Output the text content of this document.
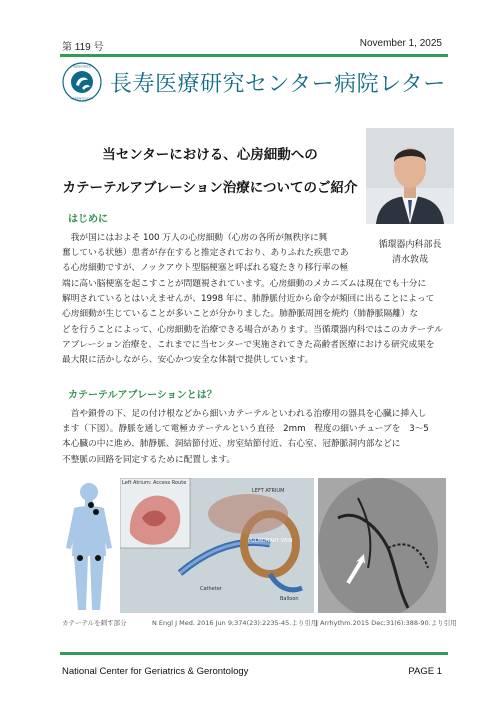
第 119 号	November 1, 2025
GERIATRICS
GERONTOLOGY
長寿医療研究センター病院レター
当センターにおける、心房細動への
カテーテルアブレーション治療についてのご紹介
循環器内科部長
清水敦哉
はじめに
我が国にはおよそ 100 万人の心房細動（心房の各所が無秩序に興
奮している状態）患者が存在すると推定されており、ありふれた疾患であ
る心房細動ですが、ノックアウト型脳梗塞と呼ばれる寝たきり移行率の極
端に高い脳梗塞を起こすことが問題視されています。心房細動のメカニズムは現在でも十分に
解明されているとはいえませんが、1998 年に、肺静脈付近から命令が頻回に出ることによって
心房細動が生じていることが多いことが分かりました。肺静脈周囲を焼灼（肺静脈隔離）な
どを行うことによって、心房細動を治療できる場合があります。当循環器内科ではこのカテーテル
アブレーション治療を、これまでに当センターで実施されてきた高齢者医療における研究成果を
最大限に活かしながら、安心かつ安全な体制で提供しています。
カテーテルアブレーションとは？
首や鎖骨の下、足の付け根などから細いカテーテルといわれる治療用の器具を心臓に挿入し
ます（下図）。静脈を通して電極カテーテルという直径　2mm　程度の細いチューブを　3～5
本心臓の中に進め、肺静脈、洞結節付近、房室結節付近、右心室、冠静脈洞内部などに
不整脈の回路を同定するために配置します。
カテーテルを刺す部分
Left Atrium: Access Route
LEFT ATRIUM
PULMONARY VEIN
Catheter
Balloon
N Engl J Med. 2016 Jun 9;374(23):2235-45.より引用
J Arrhythm.2015 Dec;31(6):388-90.より引用
National Center for Geriatrics & Gerontology	PAGE 1
